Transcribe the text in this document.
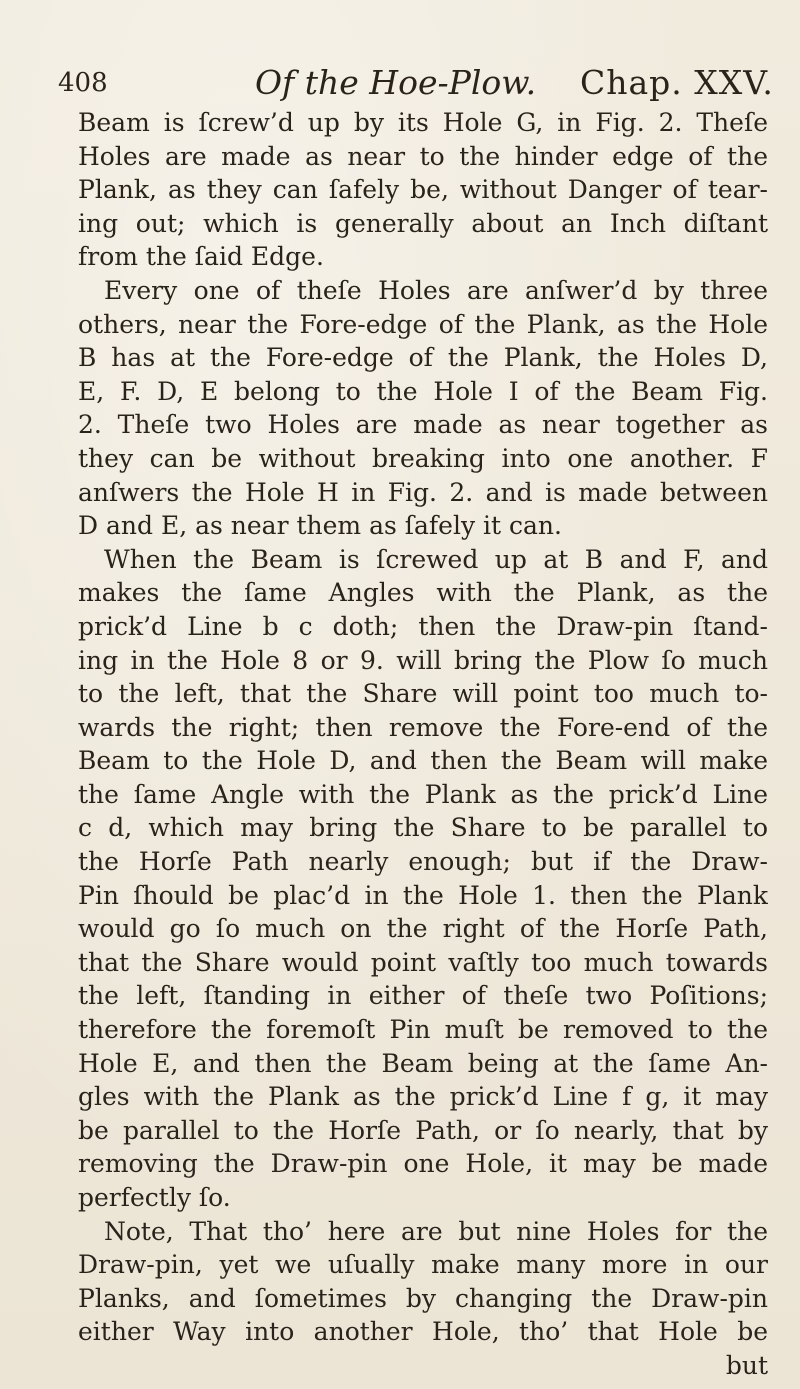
408	Of the Hoe-Plow. Chap. XXV.
Beam is ſcrew’d up by its Hole G, in Fig. 2. Theſe
Holes are made as near to the hinder edge of the
Plank, as they can ſafely be, without Danger of tear-
ing out; which is generally about an Inch diſtant
from the ſaid Edge.
Every one of theſe Holes are anſwer’d by three
others, near the Fore-edge of the Plank, as the Hole
B has at the Fore-edge of the Plank, the Holes D,
E, F. D, E belong to the Hole I of the Beam Fig.
2. Theſe two Holes are made as near together as
they can be without breaking into one another. F
anſwers the Hole H in Fig. 2. and is made between
D and E, as near them as ſafely it can.
When the Beam is ſcrewed up at B and F, and
makes the ſame Angles with the Plank, as the
prick’d Line b c doth; then the Draw-pin ſtand-
ing in the Hole 8 or 9. will bring the Plow ſo much
to the left, that the Share will point too much to-
wards the right; then remove the Fore-end of the
Beam to the Hole D, and then the Beam will make
the ſame Angle with the Plank as the prick’d Line
c d, which may bring the Share to be parallel to
the Horſe Path nearly enough; but if the Draw-
Pin ſhould be plac’d in the Hole 1. then the Plank
would go ſo much on the right of the Horſe Path,
that the Share would point vaſtly too much towards
the left, ſtanding in either of theſe two Poſitions;
therefore the foremoſt Pin muſt be removed to the
Hole E, and then the Beam being at the ſame An-
gles with the Plank as the prick’d Line f g, it may
be parallel to the Horſe Path, or ſo nearly, that by
removing the Draw-pin one Hole, it may be made
perfectly ſo.
Note, That tho’ here are but nine Holes for the
Draw-pin, yet we uſually make many more in our
Planks, and ſometimes by changing the Draw-pin
either Way into another Hole, tho’ that Hole be
but
